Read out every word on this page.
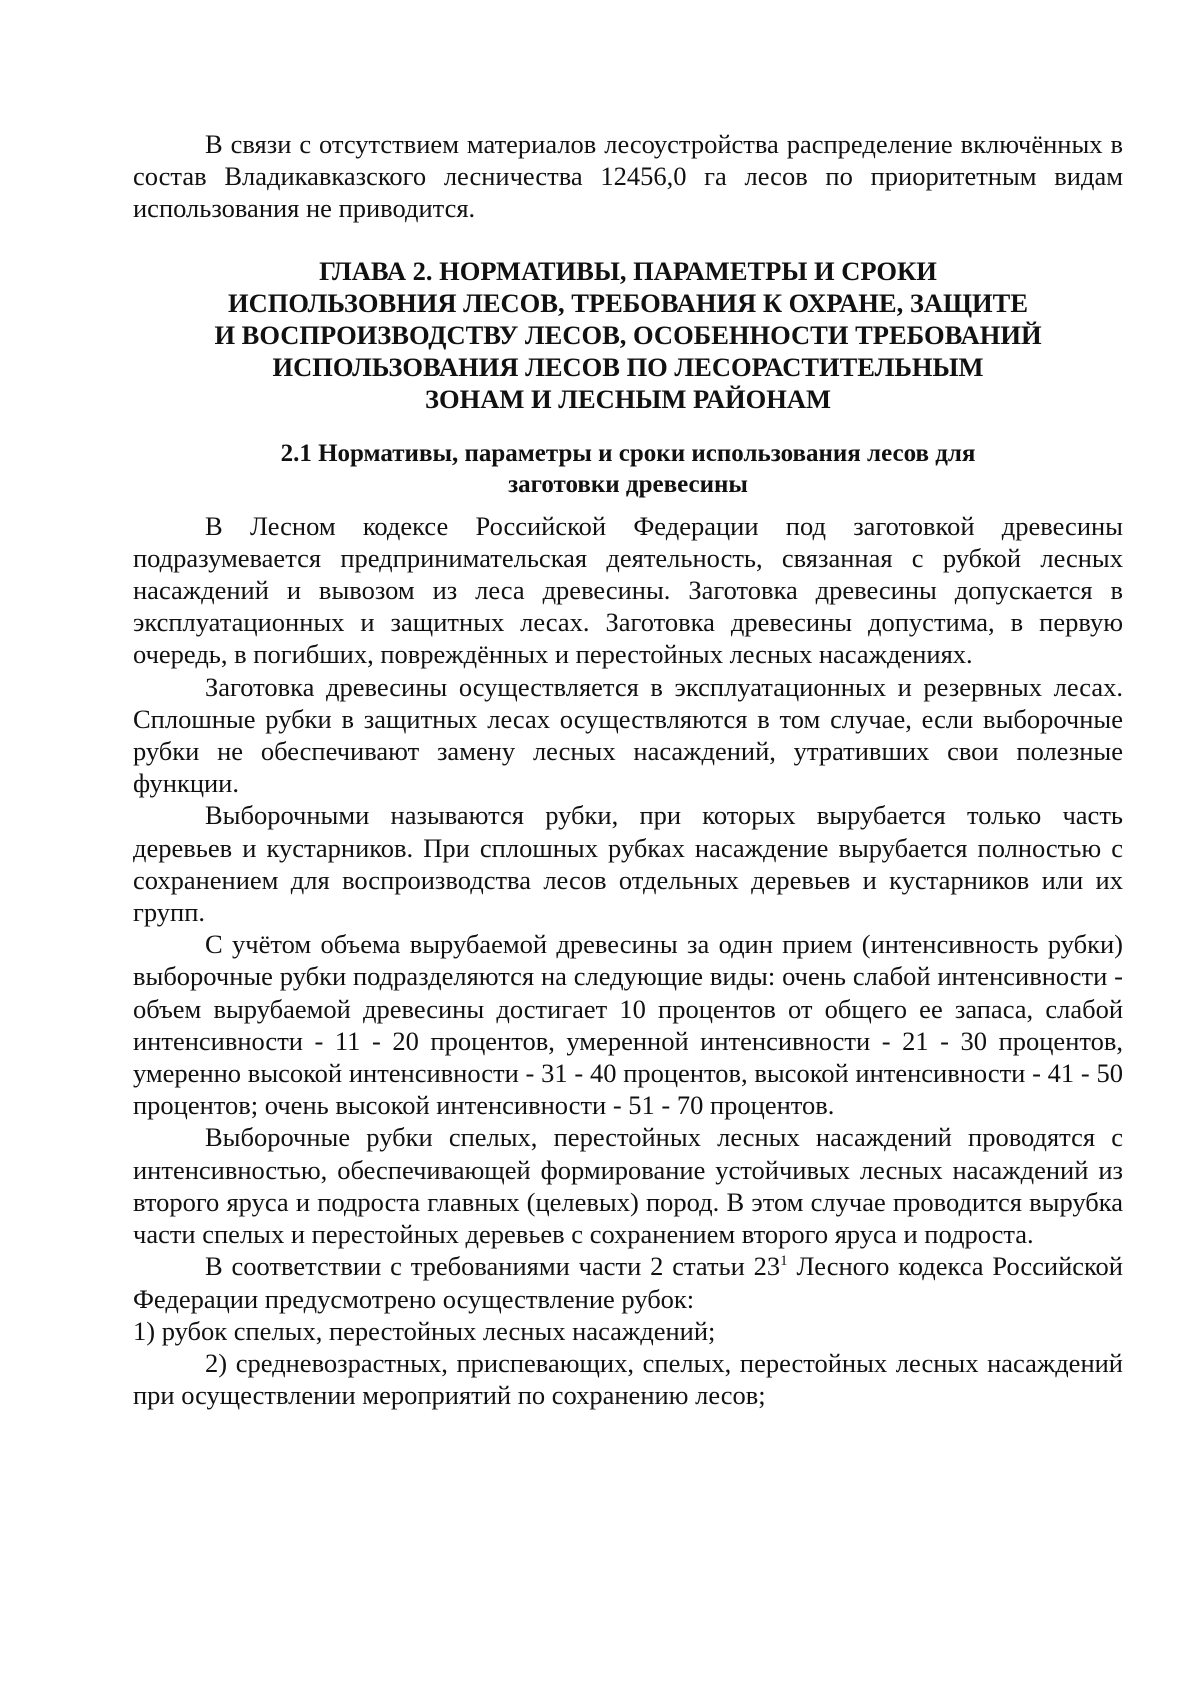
В связи с отсутствием материалов лесоустройства распределение включённых в состав Владикавказского лесничества 12456,0 га лесов по приоритетным видам использования не приводится.

ГЛАВА 2. НОРМАТИВЫ, ПАРАМЕТРЫ И СРОКИ
ИСПОЛЬЗОВНИЯ ЛЕСОВ, ТРЕБОВАНИЯ К ОХРАНЕ, ЗАЩИТЕ
И ВОСПРОИЗВОДСТВУ ЛЕСОВ, ОСОБЕННОСТИ ТРЕБОВАНИЙ
ИСПОЛЬЗОВАНИЯ ЛЕСОВ ПО ЛЕСОРАСТИТЕЛЬНЫМ
ЗОНАМ И ЛЕСНЫМ РАЙОНАМ
2.1 Нормативы, параметры и сроки использования лесов для
заготовки древесины

В Лесном кодексе Российской Федерации под заготовкой древесины подразумевается предпринимательская деятельность, связанная с рубкой лесных насаждений и вывозом из леса древесины. Заготовка древесины допускается в эксплуатационных и защитных лесах. Заготовка древесины допустима, в первую очередь, в погибших, повреждённых и перестойных лесных насаждениях.

Заготовка древесины осуществляется в эксплуатационных и резервных лесах. Сплошные рубки в защитных лесах осуществляются в том случае, если выборочные рубки не обеспечивают замену лесных насаждений, утративших свои полезные функции.

Выборочными называются рубки, при которых вырубается только часть деревьев и кустарников. При сплошных рубках насаждение вырубается полностью с сохранением для воспроизводства лесов отдельных деревьев и кустарников или их групп.

С учётом объема вырубаемой древесины за один прием (интенсивность рубки) выборочные рубки подразделяются на следующие виды: очень слабой интенсивности - объем вырубаемой древесины достигает 10 процентов от общего ее запаса, слабой интенсивности - 11 - 20 процентов, умеренной интенсивности - 21 - 30 процентов, умеренно высокой интенсивности - 31 - 40 процентов, высокой интенсивности - 41 - 50 процентов; очень высокой интенсивности - 51 - 70 процентов.

Выборочные рубки спелых, перестойных лесных насаждений проводятся с интенсивностью, обеспечивающей формирование устойчивых лесных насаждений из второго яруса и подроста главных (целевых) пород. В этом случае проводится вырубка части спелых и перестойных деревьев с сохранением второго яруса и подроста.

В соответствии с требованиями части 2 статьи $23^1$ Лесного кодекса Российской Федерации предусмотрено осуществление рубок:

1) рубок спелых, перестойных лесных насаждений;

2) средневозрастных, приспевающих, спелых, перестойных лесных насаждений при осуществлении мероприятий по сохранению лесов;
